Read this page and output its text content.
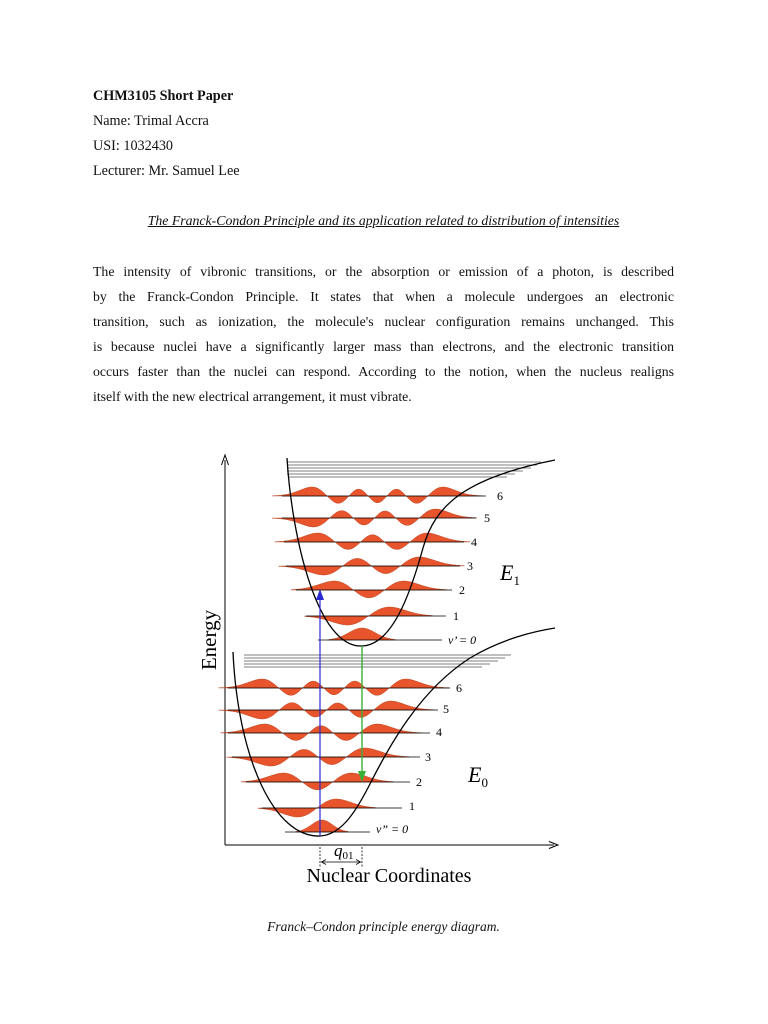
CHM3105 Short Paper
Name: Trimal Accra
USI: 1032430
Lecturer: Mr. Samuel Lee
The Franck-Condon Principle and its application related to distribution of intensities
The intensity of vibronic transitions, or the absorption or emission of a photon, is described
by the Franck-Condon Principle. It states that when a molecule undergoes an electronic
transition, such as ionization, the molecule's nuclear configuration remains unchanged. This
is because nuclei have a significantly larger mass than electrons, and the electronic transition
occurs faster than the nuclei can respond. According to the notion, when the nucleus realigns
itself with the new electrical arrangement, it must vibrate.
v’ = 0
1
2
3
4
5
6
v” = 0
1
2
3
4
5
6
$E_1$
$E_0$
q01
Energy
Nuclear Coordinates
Franck–Condon principle energy diagram.
